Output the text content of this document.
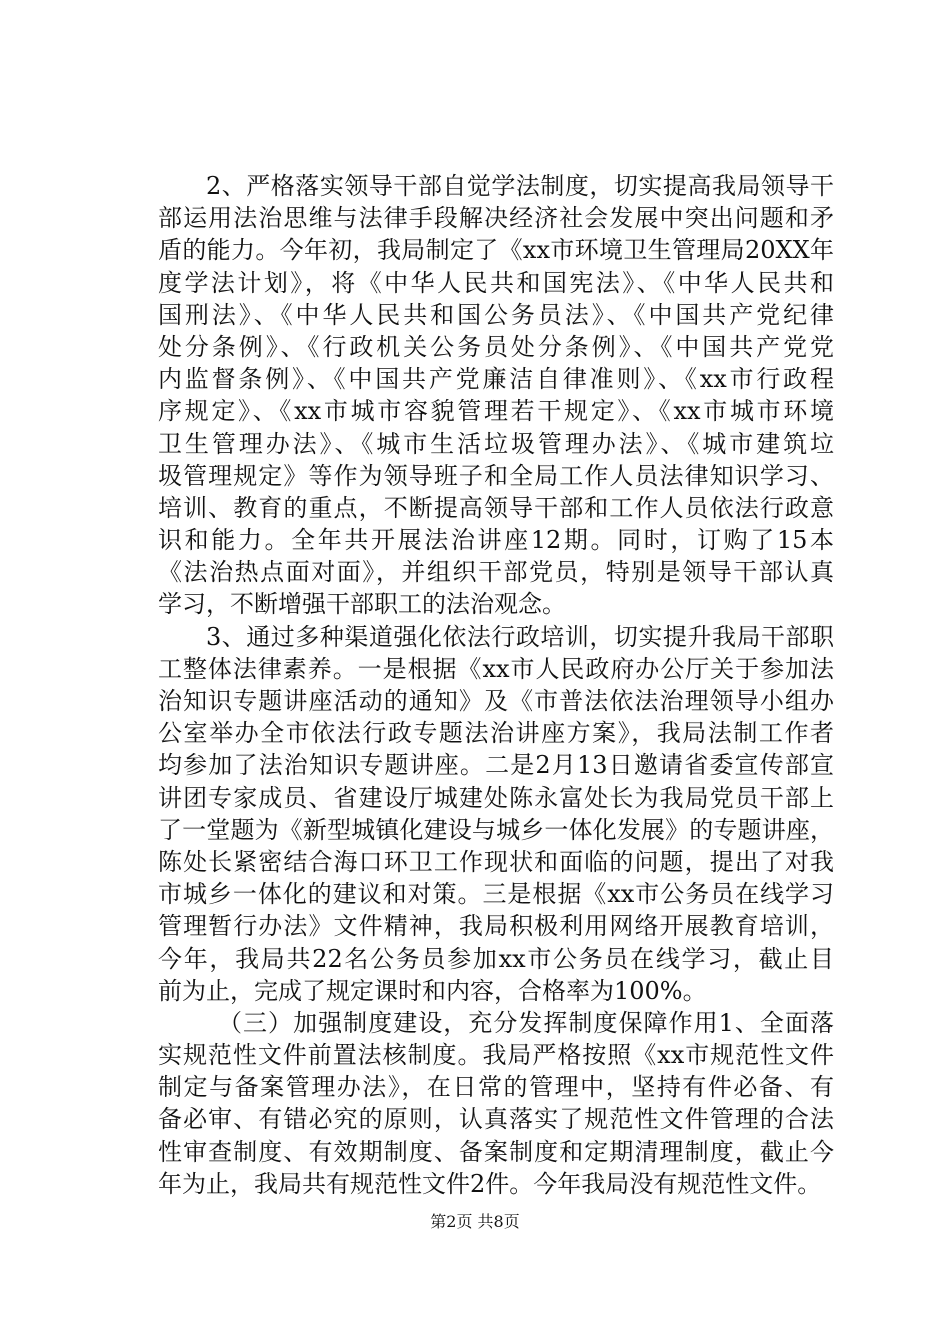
2、严格落实领导干部自觉学法制度，切实提高我局领导干
部运用法治思维与法律手段解决经济社会发展中突出问题和矛
盾的能力。今年初，我局制定了《xx市环境卫生管理局20XX年
度学法计划》，将《中华人民共和国宪法》、《中华人民共和
国刑法》、《中华人民共和国公务员法》、《中国共产党纪律
处分条例》、《行政机关公务员处分条例》、《中国共产党党
内监督条例》、《中国共产党廉洁自律准则》、《xx市行政程
序规定》、《xx市城市容貌管理若干规定》、《xx市城市环境
卫生管理办法》、《城市生活垃圾管理办法》、《城市建筑垃
圾管理规定》等作为领导班子和全局工作人员法律知识学习、
培训、教育的重点，不断提高领导干部和工作人员依法行政意
识和能力。全年共开展法治讲座12期。同时，订购了15本
《法治热点面对面》，并组织干部党员，特别是领导干部认真
学习，不断增强干部职工的法治观念。
3、通过多种渠道强化依法行政培训，切实提升我局干部职
工整体法律素养。一是根据《xx市人民政府办公厅关于参加法
治知识专题讲座活动的通知》及《市普法依法治理领导小组办
公室举办全市依法行政专题法治讲座方案》，我局法制工作者
均参加了法治知识专题讲座。二是2月13日邀请省委宣传部宣
讲团专家成员、省建设厅城建处陈永富处长为我局党员干部上
了一堂题为《新型城镇化建设与城乡一体化发展》的专题讲座，
陈处长紧密结合海口环卫工作现状和面临的问题，提出了对我
市城乡一体化的建议和对策。三是根据《xx市公务员在线学习
管理暂行办法》文件精神，我局积极利用网络开展教育培训，
今年，我局共22名公务员参加xx市公务员在线学习，截止目
前为止，完成了规定课时和内容，合格率为100%。
（三）加强制度建设，充分发挥制度保障作用1、全面落
实规范性文件前置法核制度。我局严格按照《xx市规范性文件
制定与备案管理办法》，在日常的管理中，坚持有件必备、有
备必审、有错必究的原则，认真落实了规范性文件管理的合法
性审查制度、有效期制度、备案制度和定期清理制度，截止今
年为止，我局共有规范性文件2件。今年我局没有规范性文件。
第2页 共8页
